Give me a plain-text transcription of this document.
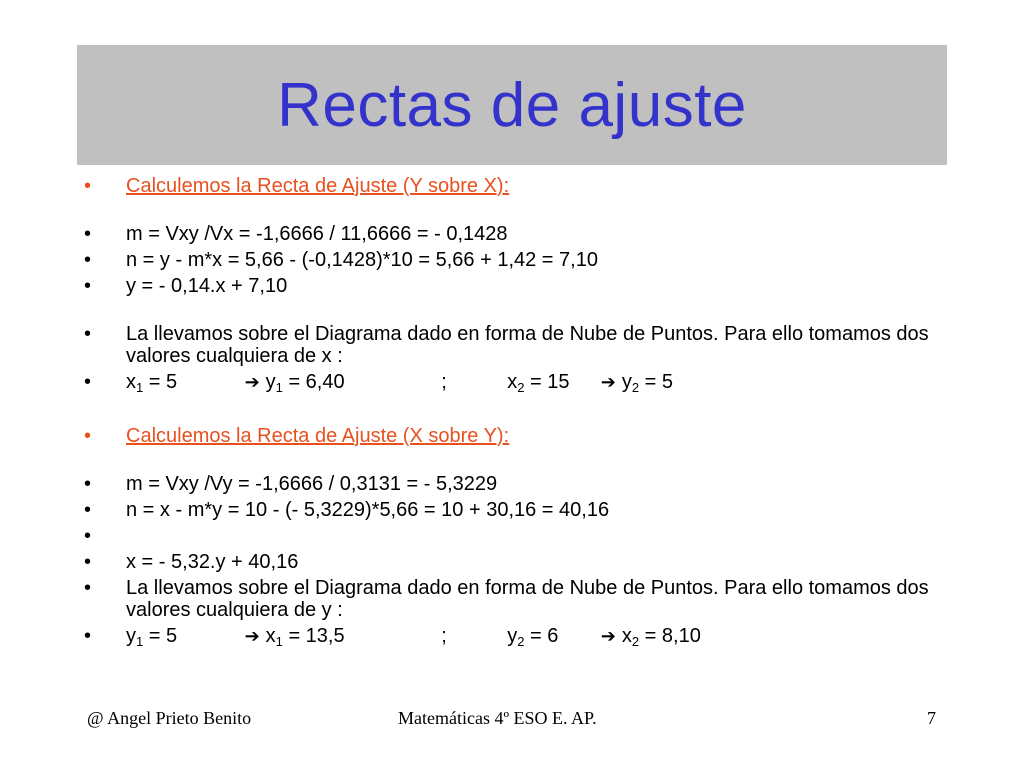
Rectas de ajuste
•	Calculemos la Recta de Ajuste (Y sobre X):
•	m = Vxy /Vx = -1,6666 / 11,6666 = - 0,1428
•	n = y - m*x = 5,66 - (-0,1428)*10 = 5,66 + 1,42 = 7,10
•	y = - 0,14.x + 7,10
•	La llevamos sobre el Diagrama dado en forma de Nube de Puntos. Para ello tomamos dos valores cualquiera de x :
•	$x_1 = 5$	➔ $y_1 = 6,40$	;	$x_2 = 15$ ➔ $y_2 = 5$
•	Calculemos la Recta de Ajuste (X sobre Y):
•	m = Vxy /Vy = -1,6666 / 0,3131 = - 5,3229
•	n = x - m*y = 10 - (- 5,3229)*5,66 = 10 + 30,16 = 40,16
•

•	x = - 5,32.y + 40,16
•	La llevamos sobre el Diagrama dado en forma de Nube de Puntos. Para ello tomamos dos valores cualquiera de y :
•	$y_1 = 5$	➔ $x_1 = 13,5$	;	$y_2 = 6$ ➔ $x_2 = 8,10$
@ Angel Prieto Benito	Matemáticas 4º ESO E. AP.	7
